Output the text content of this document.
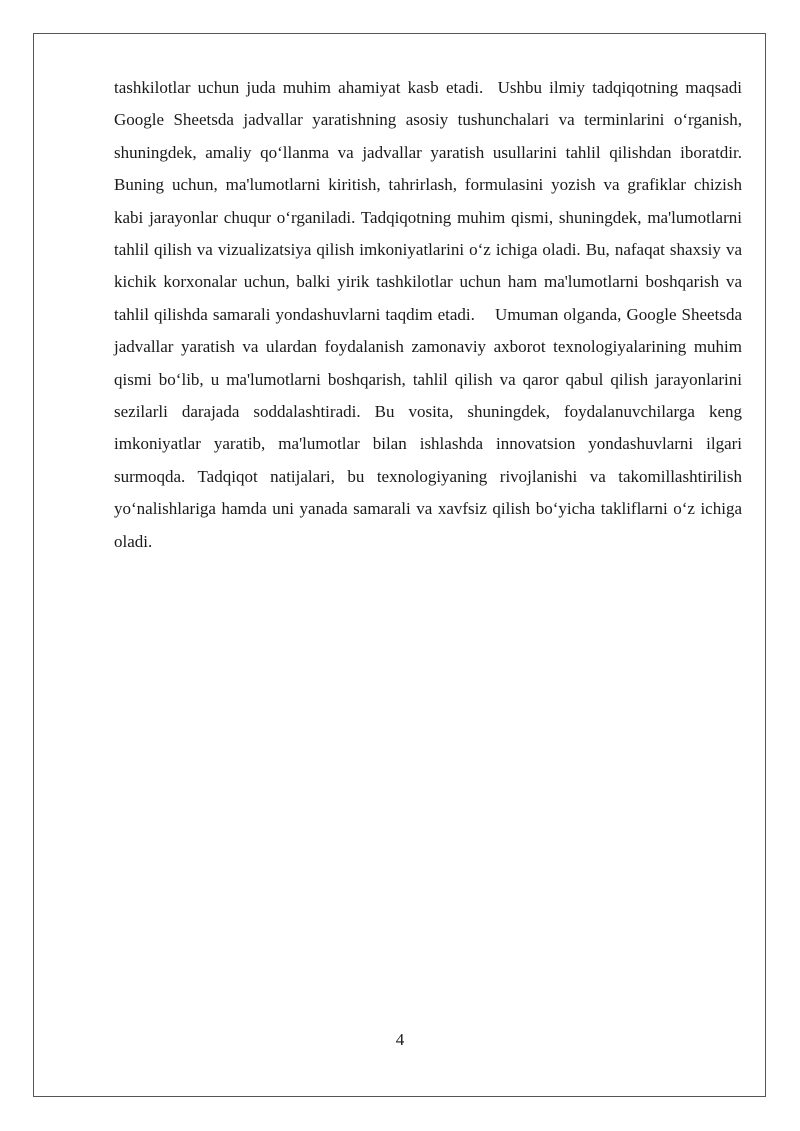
tashkilotlar uchun juda muhim ahamiyat kasb etadi.  Ushbu ilmiy tadqiqotning maqsadi Google Sheetsda jadvallar yaratishning asosiy tushunchalari va terminlarini o‘rganish, shuningdek, amaliy qo‘llanma va jadvallar yaratish usullarini tahlil qilishdan iboratdir. Buning uchun, ma'lumotlarni kiritish, tahrirlash, formulasini yozish va grafiklar chizish kabi jarayonlar chuqur o‘rganiladi. Tadqiqotning muhim qismi, shuningdek, ma'lumotlarni tahlil qilish va vizualizatsiya qilish imkoniyatlarini o‘z ichiga oladi. Bu, nafaqat shaxsiy va kichik korxonalar uchun, balki yirik tashkilotlar uchun ham ma'lumotlarni boshqarish va tahlil qilishda samarali yondashuvlarni taqdim etadi.    Umuman olganda, Google Sheetsda jadvallar yaratish va ulardan foydalanish zamonaviy axborot texnologiyalarining muhim qismi bo‘lib, u ma'lumotlarni boshqarish, tahlil qilish va qaror qabul qilish jarayonlarini sezilarli darajada soddalashtiradi. Bu vosita, shuningdek, foydalanuvchilarga keng imkoniyatlar yaratib, ma'lumotlar bilan ishlashda innovatsion yondashuvlarni ilgari surmoqda. Tadqiqot natijalari, bu texnologiyaning rivojlanishi va takomillashtirilish yo‘nalishlariga hamda uni yanada samarali va xavfsiz qilish bo‘yicha takliflarni o‘z ichiga oladi.

4
